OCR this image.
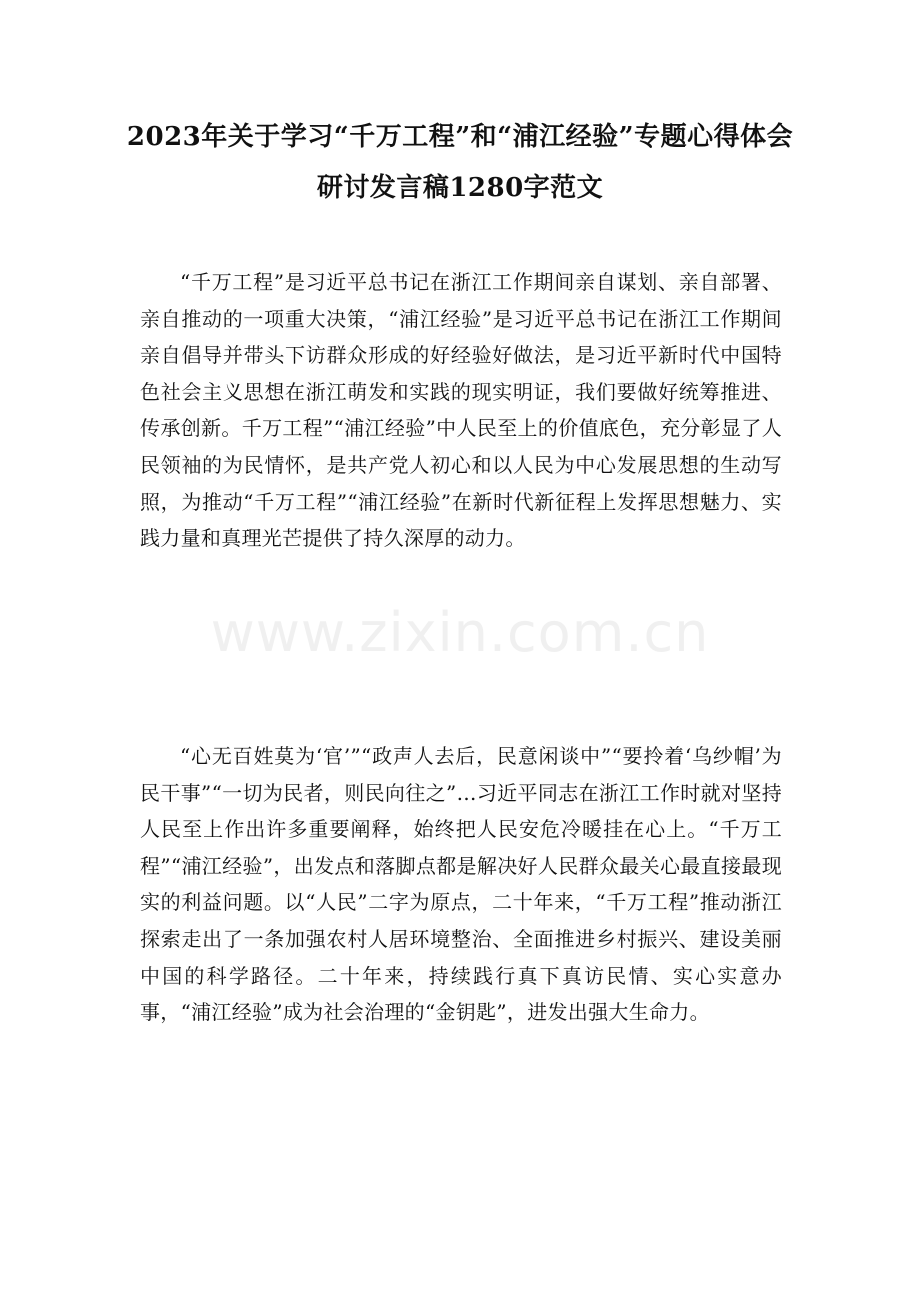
2023年关于学习“千万工程”和“浦江经验”专题心得体会研讨发言稿1280字范文

“千万工程”是习近平总书记在浙江工作期间亲自谋划、亲自部署、亲自推动的一项重大决策，“浦江经验”是习近平总书记在浙江工作期间亲自倡导并带头下访群众形成的好经验好做法，是习近平新时代中国特色社会主义思想在浙江萌发和实践的现实明证，我们要做好统筹推进、传承创新。千万工程”“浦江经验”中人民至上的价值底色，充分彰显了人民领袖的为民情怀，是共产党人初心和以人民为中心发展思想的生动写照，为推动“千万工程”“浦江经验”在新时代新征程上发挥思想魅力、实践力量和真理光芒提供了持久深厚的动力。

www.zixin.com.cn

“心无百姓莫为‘官’”“政声人去后，民意闲谈中”“要拎着‘乌纱帽’为民干事”“一切为民者，则民向往之”…习近平同志在浙江工作时就对坚持人民至上作出许多重要阐释，始终把人民安危冷暖挂在心上。“千万工程”“浦江经验”，出发点和落脚点都是解决好人民群众最关心最直接最现实的利益问题。以“人民”二字为原点，二十年来，“千万工程”推动浙江探索走出了一条加强农村人居环境整治、全面推进乡村振兴、建设美丽中国的科学路径。二十年来，持续践行真下真访民情、实心实意办事，“浦江经验”成为社会治理的“金钥匙”，进发出强大生命力。
